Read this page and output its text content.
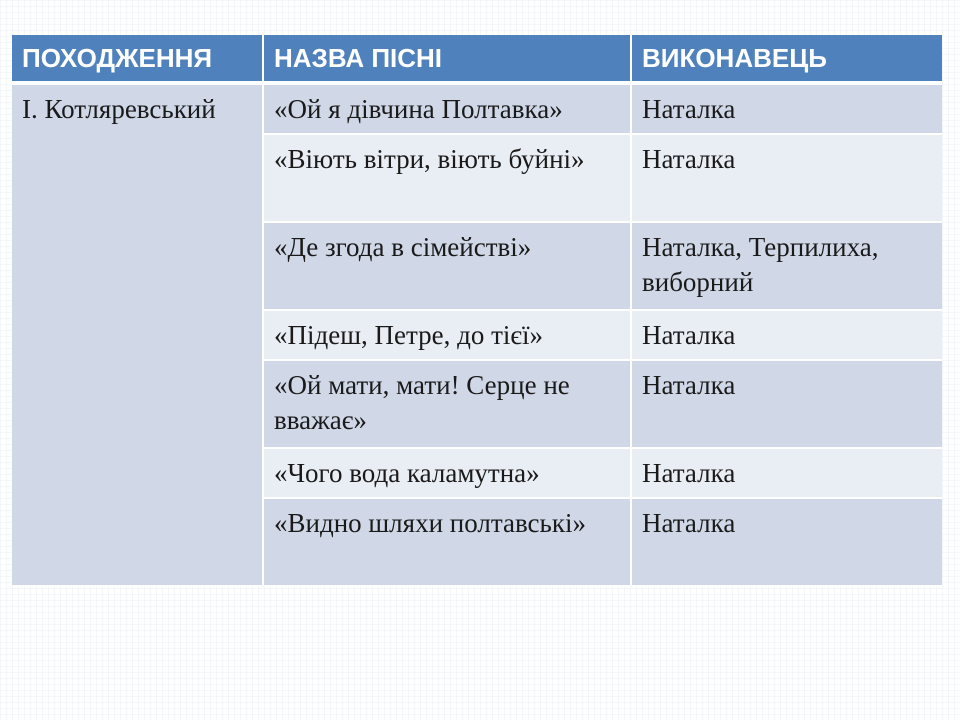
ПОХОДЖЕННЯ	НАЗВА ПІСНІ	ВИКОНАВЕЦЬ
І. Котляревський	«Ой я дівчина Полтавка»	Наталка
	«Віють вітри, віють буйні»	Наталка
	«Де згода в сімействі»	Наталка, Терпилиха, виборний
	«Підеш, Петре, до тієї»	Наталка
	«Ой мати, мати! Серце не вважає»	Наталка
	«Чого вода каламутна»	Наталка
	«Видно шляхи полтавські»	Наталка
